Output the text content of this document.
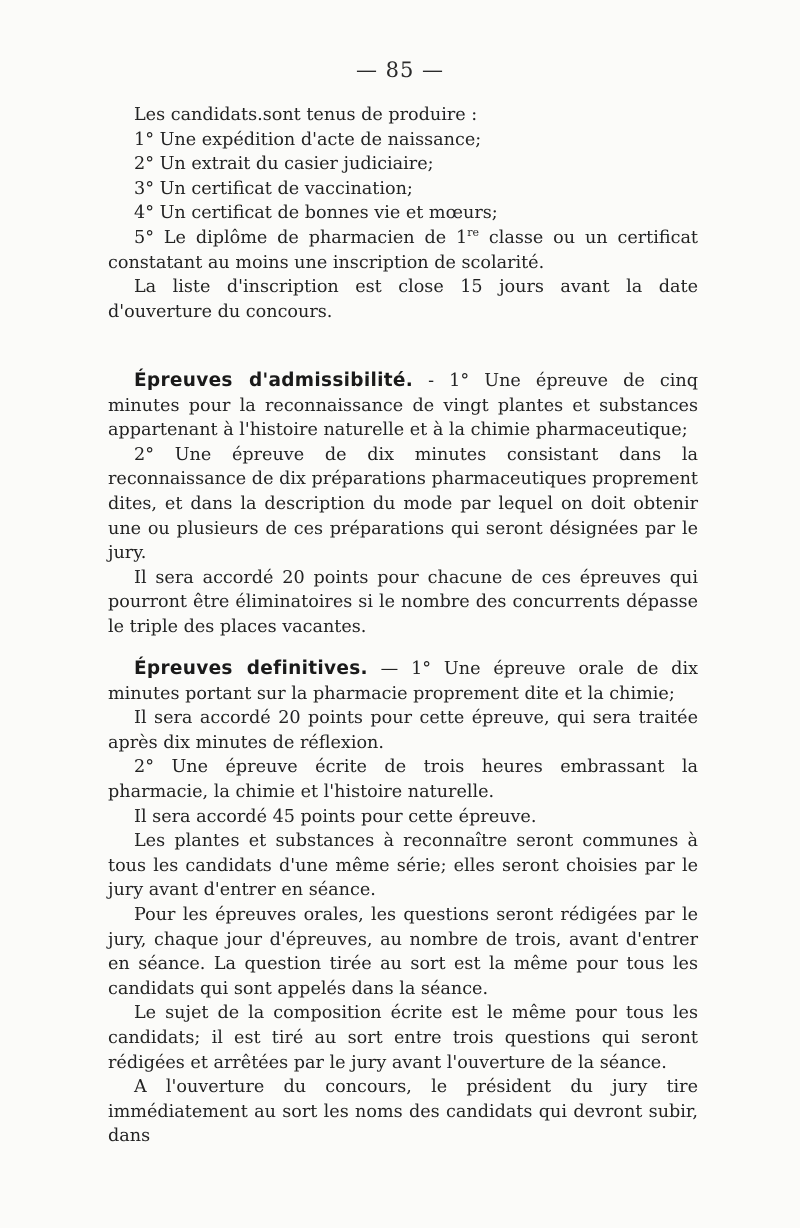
— 85 —

Les candidats.sont tenus de produire :

1° Une expédition d'acte de naissance;

2° Un extrait du casier judiciaire;

3° Un certificat de vaccination;

4° Un certificat de bonnes vie et mœurs;

5° Le diplôme de pharmacien de 1re classe ou un certificat constatant au moins une inscription de scolarité.

La liste d'inscription est close 15 jours avant la date d'ouverture du concours.

Épreuves d'admissibilité. - 1° Une épreuve de cinq minutes pour la reconnaissance de vingt plantes et substances appartenant à l'histoire naturelle et à la chimie pharmaceutique;

2° Une épreuve de dix minutes consistant dans la reconnaissance de dix préparations pharmaceutiques proprement dites, et dans la description du mode par lequel on doit obtenir une ou plusieurs de ces préparations qui seront désignées par le jury.

Il sera accordé 20 points pour chacune de ces épreuves qui pourront être éliminatoires si le nombre des concurrents dépasse le triple des places vacantes.

Épreuves definitives. — 1° Une épreuve orale de dix minutes portant sur la pharmacie proprement dite et la chimie;

Il sera accordé 20 points pour cette épreuve, qui sera traitée après dix minutes de réflexion.

2° Une épreuve écrite de trois heures embrassant la pharmacie, la chimie et l'histoire naturelle.

Il sera accordé 45 points pour cette épreuve.

Les plantes et substances à reconnaître seront communes à tous les candidats d'une même série; elles seront choisies par le jury avant d'entrer en séance.

Pour les épreuves orales, les questions seront rédigées par le jury, chaque jour d'épreuves, au nombre de trois, avant d'entrer en séance. La question tirée au sort est la même pour tous les candidats qui sont appelés dans la séance.

Le sujet de la composition écrite est le même pour tous les candidats; il est tiré au sort entre trois questions qui seront rédigées et arrêtées par le jury avant l'ouverture de la séance.

A l'ouverture du concours, le président du jury tire immédiatement au sort les noms des candidats qui devront subir, dans
